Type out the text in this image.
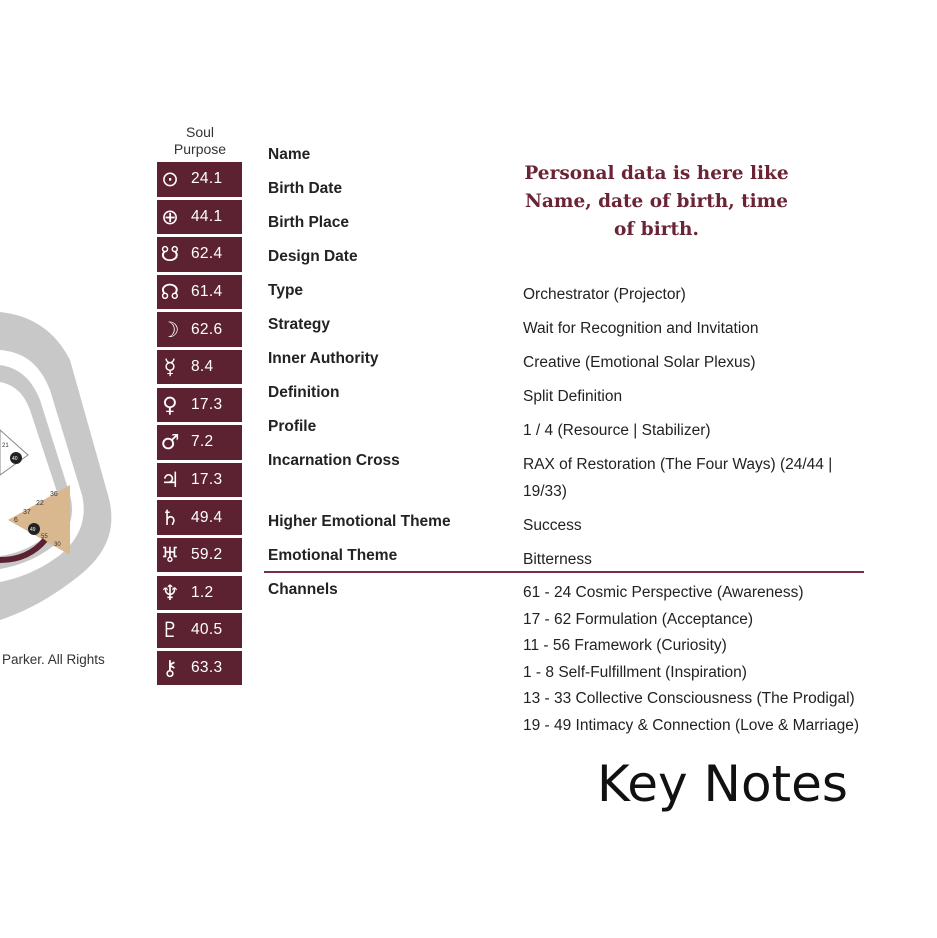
21
40
36
22
37
6
49
55
30
Parker. All Rights
Soul Purpose
⊙ 24.1
⊕ 44.1
☋ 62.4
☊ 61.4
☽ 62.6
☿ 8.4
♀ 17.3
♂ 7.2
♃ 17.3
♄ 49.4
♅ 59.2
♆ 1.2
♇ 40.5
⚷ 63.3
Name
Birth Date
Birth Place
Design Date
Type
Strategy
Inner Authority
Definition
Profile
Incarnation Cross
Higher Emotional Theme
Emotional Theme
Channels
Personal data is here like
Name, date of birth, time
of birth.
Orchestrator (Projector)
Wait for Recognition and Invitation
Creative (Emotional Solar Plexus)
Split Definition
1 / 4 (Resource | Stabilizer)
RAX of Restoration (The Four Ways) (24/44 |
19/33)
Success
Bitterness
61 - 24 Cosmic Perspective (Awareness)
17 - 62 Formulation (Acceptance)
11 - 56 Framework (Curiosity)
1 - 8 Self-Fulfillment (Inspiration)
13 - 33 Collective Consciousness (The Prodigal)
19 - 49 Intimacy & Connection (Love & Marriage)
Key Notes
